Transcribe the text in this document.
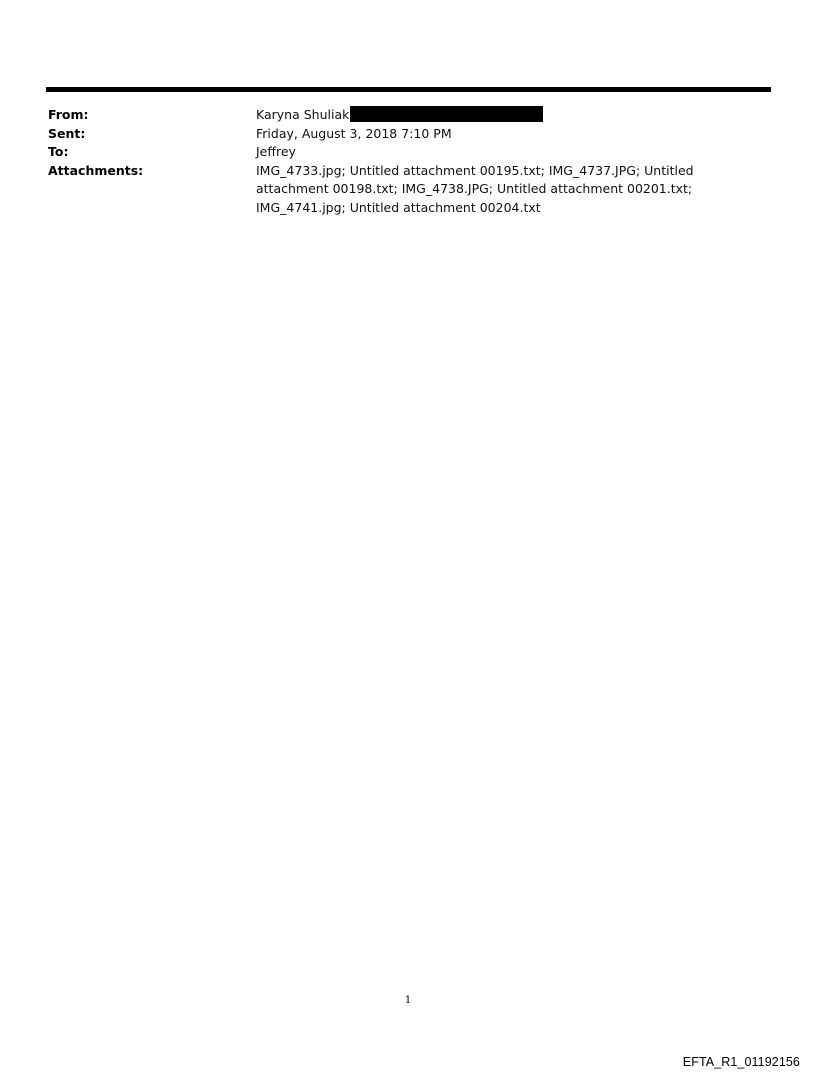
From:	Karyna Shuliak
Sent:	Friday, August 3, 2018 7:10 PM
To:	Jeffrey
Attachments:	IMG_4733.jpg; Untitled attachment 00195.txt; IMG_4737.JPG; Untitled attachment 00198.txt; IMG_4738.JPG; Untitled attachment 00201.txt; IMG_4741.jpg; Untitled attachment 00204.txt
1
EFTA_R1_01192156
